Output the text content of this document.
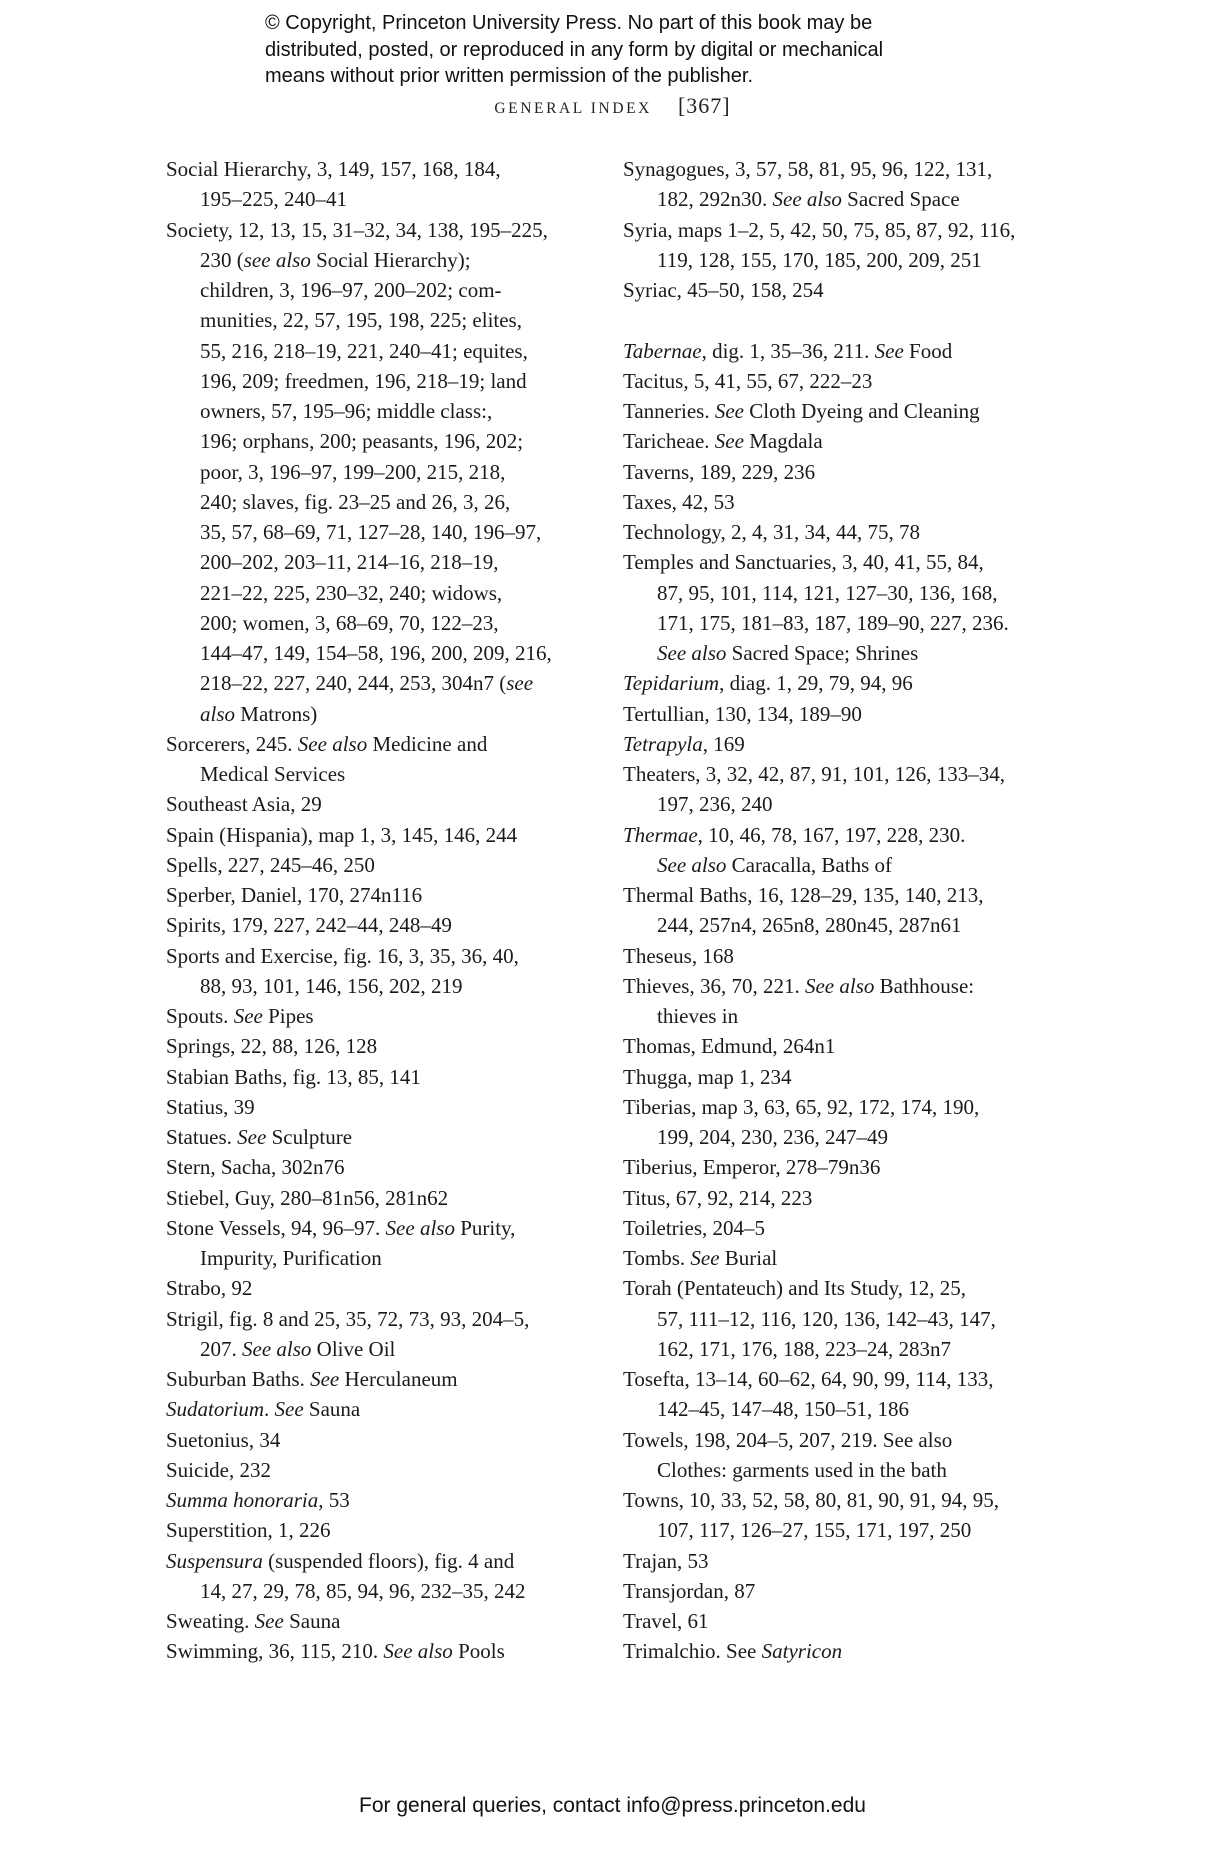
© Copyright, Princeton University Press. No part of this book may be
distributed, posted, or reproduced in any form by digital or mechanical
means without prior written permission of the publisher.
GENERAL INDEX [367]
Social Hierarchy, 3, 149, 157, 168, 184,
195–225, 240–41
Society, 12, 13, 15, 31–32, 34, 138, 195–225,
230 (see also Social Hierarchy);
children, 3, 196–97, 200–202; com-
munities, 22, 57, 195, 198, 225; elites,
55, 216, 218–19, 221, 240–41; equites,
196, 209; freedmen, 196, 218–19; land
owners, 57, 195–96; middle class:,
196; orphans, 200; peasants, 196, 202;
poor, 3, 196–97, 199–200, 215, 218,
240; slaves, fig. 23–25 and 26, 3, 26,
35, 57, 68–69, 71, 127–28, 140, 196–97,
200–202, 203–11, 214–16, 218–19,
221–22, 225, 230–32, 240; widows,
200; women, 3, 68–69, 70, 122–23,
144–47, 149, 154–58, 196, 200, 209, 216,
218–22, 227, 240, 244, 253, 304n7 (see
also Matrons)
Sorcerers, 245. See also Medicine and
Medical Services
Southeast Asia, 29
Spain (Hispania), map 1, 3, 145, 146, 244
Spells, 227, 245–46, 250
Sperber, Daniel, 170, 274n116
Spirits, 179, 227, 242–44, 248–49
Sports and Exercise, fig. 16, 3, 35, 36, 40,
88, 93, 101, 146, 156, 202, 219
Spouts. See Pipes
Springs, 22, 88, 126, 128
Stabian Baths, fig. 13, 85, 141
Statius, 39
Statues. See Sculpture
Stern, Sacha, 302n76
Stiebel, Guy, 280–81n56, 281n62
Stone Vessels, 94, 96–97. See also Purity,
Impurity, Purification
Strabo, 92
Strigil, fig. 8 and 25, 35, 72, 73, 93, 204–5,
207. See also Olive Oil
Suburban Baths. See Herculaneum
Sudatorium. See Sauna
Suetonius, 34
Suicide, 232
Summa honoraria, 53
Superstition, 1, 226
Suspensura (suspended floors), fig. 4 and
14, 27, 29, 78, 85, 94, 96, 232–35, 242
Sweating. See Sauna
Swimming, 36, 115, 210. See also Pools
Synagogues, 3, 57, 58, 81, 95, 96, 122, 131,
182, 292n30. See also Sacred Space
Syria, maps 1–2, 5, 42, 50, 75, 85, 87, 92, 116,
119, 128, 155, 170, 185, 200, 209, 251
Syriac, 45–50, 158, 254
Tabernae, dig. 1, 35–36, 211. See Food
Tacitus, 5, 41, 55, 67, 222–23
Tanneries. See Cloth Dyeing and Cleaning
Taricheae. See Magdala
Taverns, 189, 229, 236
Taxes, 42, 53
Technology, 2, 4, 31, 34, 44, 75, 78
Temples and Sanctuaries, 3, 40, 41, 55, 84,
87, 95, 101, 114, 121, 127–30, 136, 168,
171, 175, 181–83, 187, 189–90, 227, 236.
See also Sacred Space; Shrines
Tepidarium, diag. 1, 29, 79, 94, 96
Tertullian, 130, 134, 189–90
Tetrapyla, 169
Theaters, 3, 32, 42, 87, 91, 101, 126, 133–34,
197, 236, 240
Thermae, 10, 46, 78, 167, 197, 228, 230.
See also Caracalla, Baths of
Thermal Baths, 16, 128–29, 135, 140, 213,
244, 257n4, 265n8, 280n45, 287n61
Theseus, 168
Thieves, 36, 70, 221. See also Bathhouse:
thieves in
Thomas, Edmund, 264n1
Thugga, map 1, 234
Tiberias, map 3, 63, 65, 92, 172, 174, 190,
199, 204, 230, 236, 247–49
Tiberius, Emperor, 278–79n36
Titus, 67, 92, 214, 223
Toiletries, 204–5
Tombs. See Burial
Torah (Pentateuch) and Its Study, 12, 25,
57, 111–12, 116, 120, 136, 142–43, 147,
162, 171, 176, 188, 223–24, 283n7
Tosefta, 13–14, 60–62, 64, 90, 99, 114, 133,
142–45, 147–48, 150–51, 186
Towels, 198, 204–5, 207, 219. See also
Clothes: garments used in the bath
Towns, 10, 33, 52, 58, 80, 81, 90, 91, 94, 95,
107, 117, 126–27, 155, 171, 197, 250
Trajan, 53
Transjordan, 87
Travel, 61
Trimalchio. See Satyricon
For general queries, contact info@press.princeton.edu
